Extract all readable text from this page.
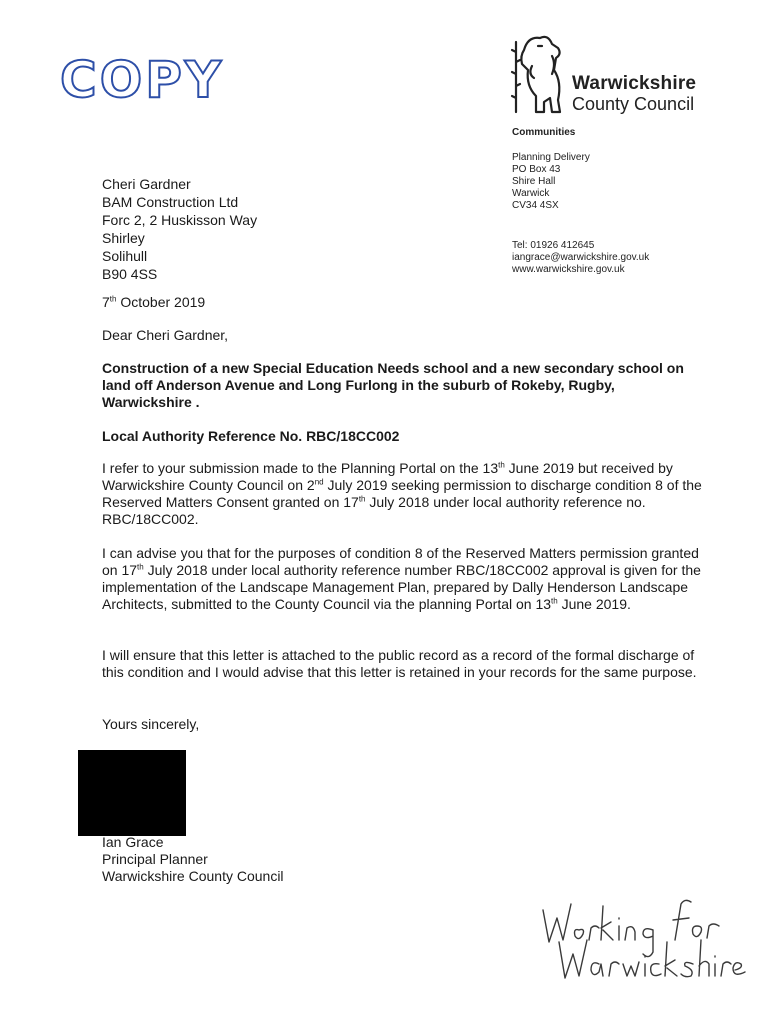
COPY	Warwickshire
County Council
Communities
Planning Delivery
PO Box 43
Shire Hall
Warwick
CV34 4SX
Tel: 01926 412645
iangrace@warwickshire.gov.uk
www.warwickshire.gov.uk
Cheri Gardner
BAM Construction Ltd
Forc 2, 2 Huskisson Way
Shirley
Solihull
B90 4SS
7th October 2019
Dear Cheri Gardner,
Construction of a new Special Education Needs school and a new secondary school on land off Anderson Avenue and Long Furlong in the suburb of Rokeby, Rugby, Warwickshire .
Local Authority Reference No. RBC/18CC002
I refer to your submission made to the Planning Portal on the 13th June 2019 but received by Warwickshire County Council on 2nd July 2019 seeking permission to discharge condition 8 of the Reserved Matters Consent granted on 17th July 2018 under local authority reference no. RBC/18CC002.
I can advise you that for the purposes of condition 8 of the Reserved Matters permission granted on 17th July 2018 under local authority reference number RBC/18CC002 approval is given for the implementation of the Landscape Management Plan, prepared by Dally Henderson Landscape Architects, submitted to the County Council via the planning Portal on 13th June 2019.
I will ensure that this letter is attached to the public record as a record of the formal discharge of this condition and I would advise that this letter is retained in your records for the same purpose.
Yours sincerely,
Ian Grace
Principal Planner
Warwickshire County Council	Working for
